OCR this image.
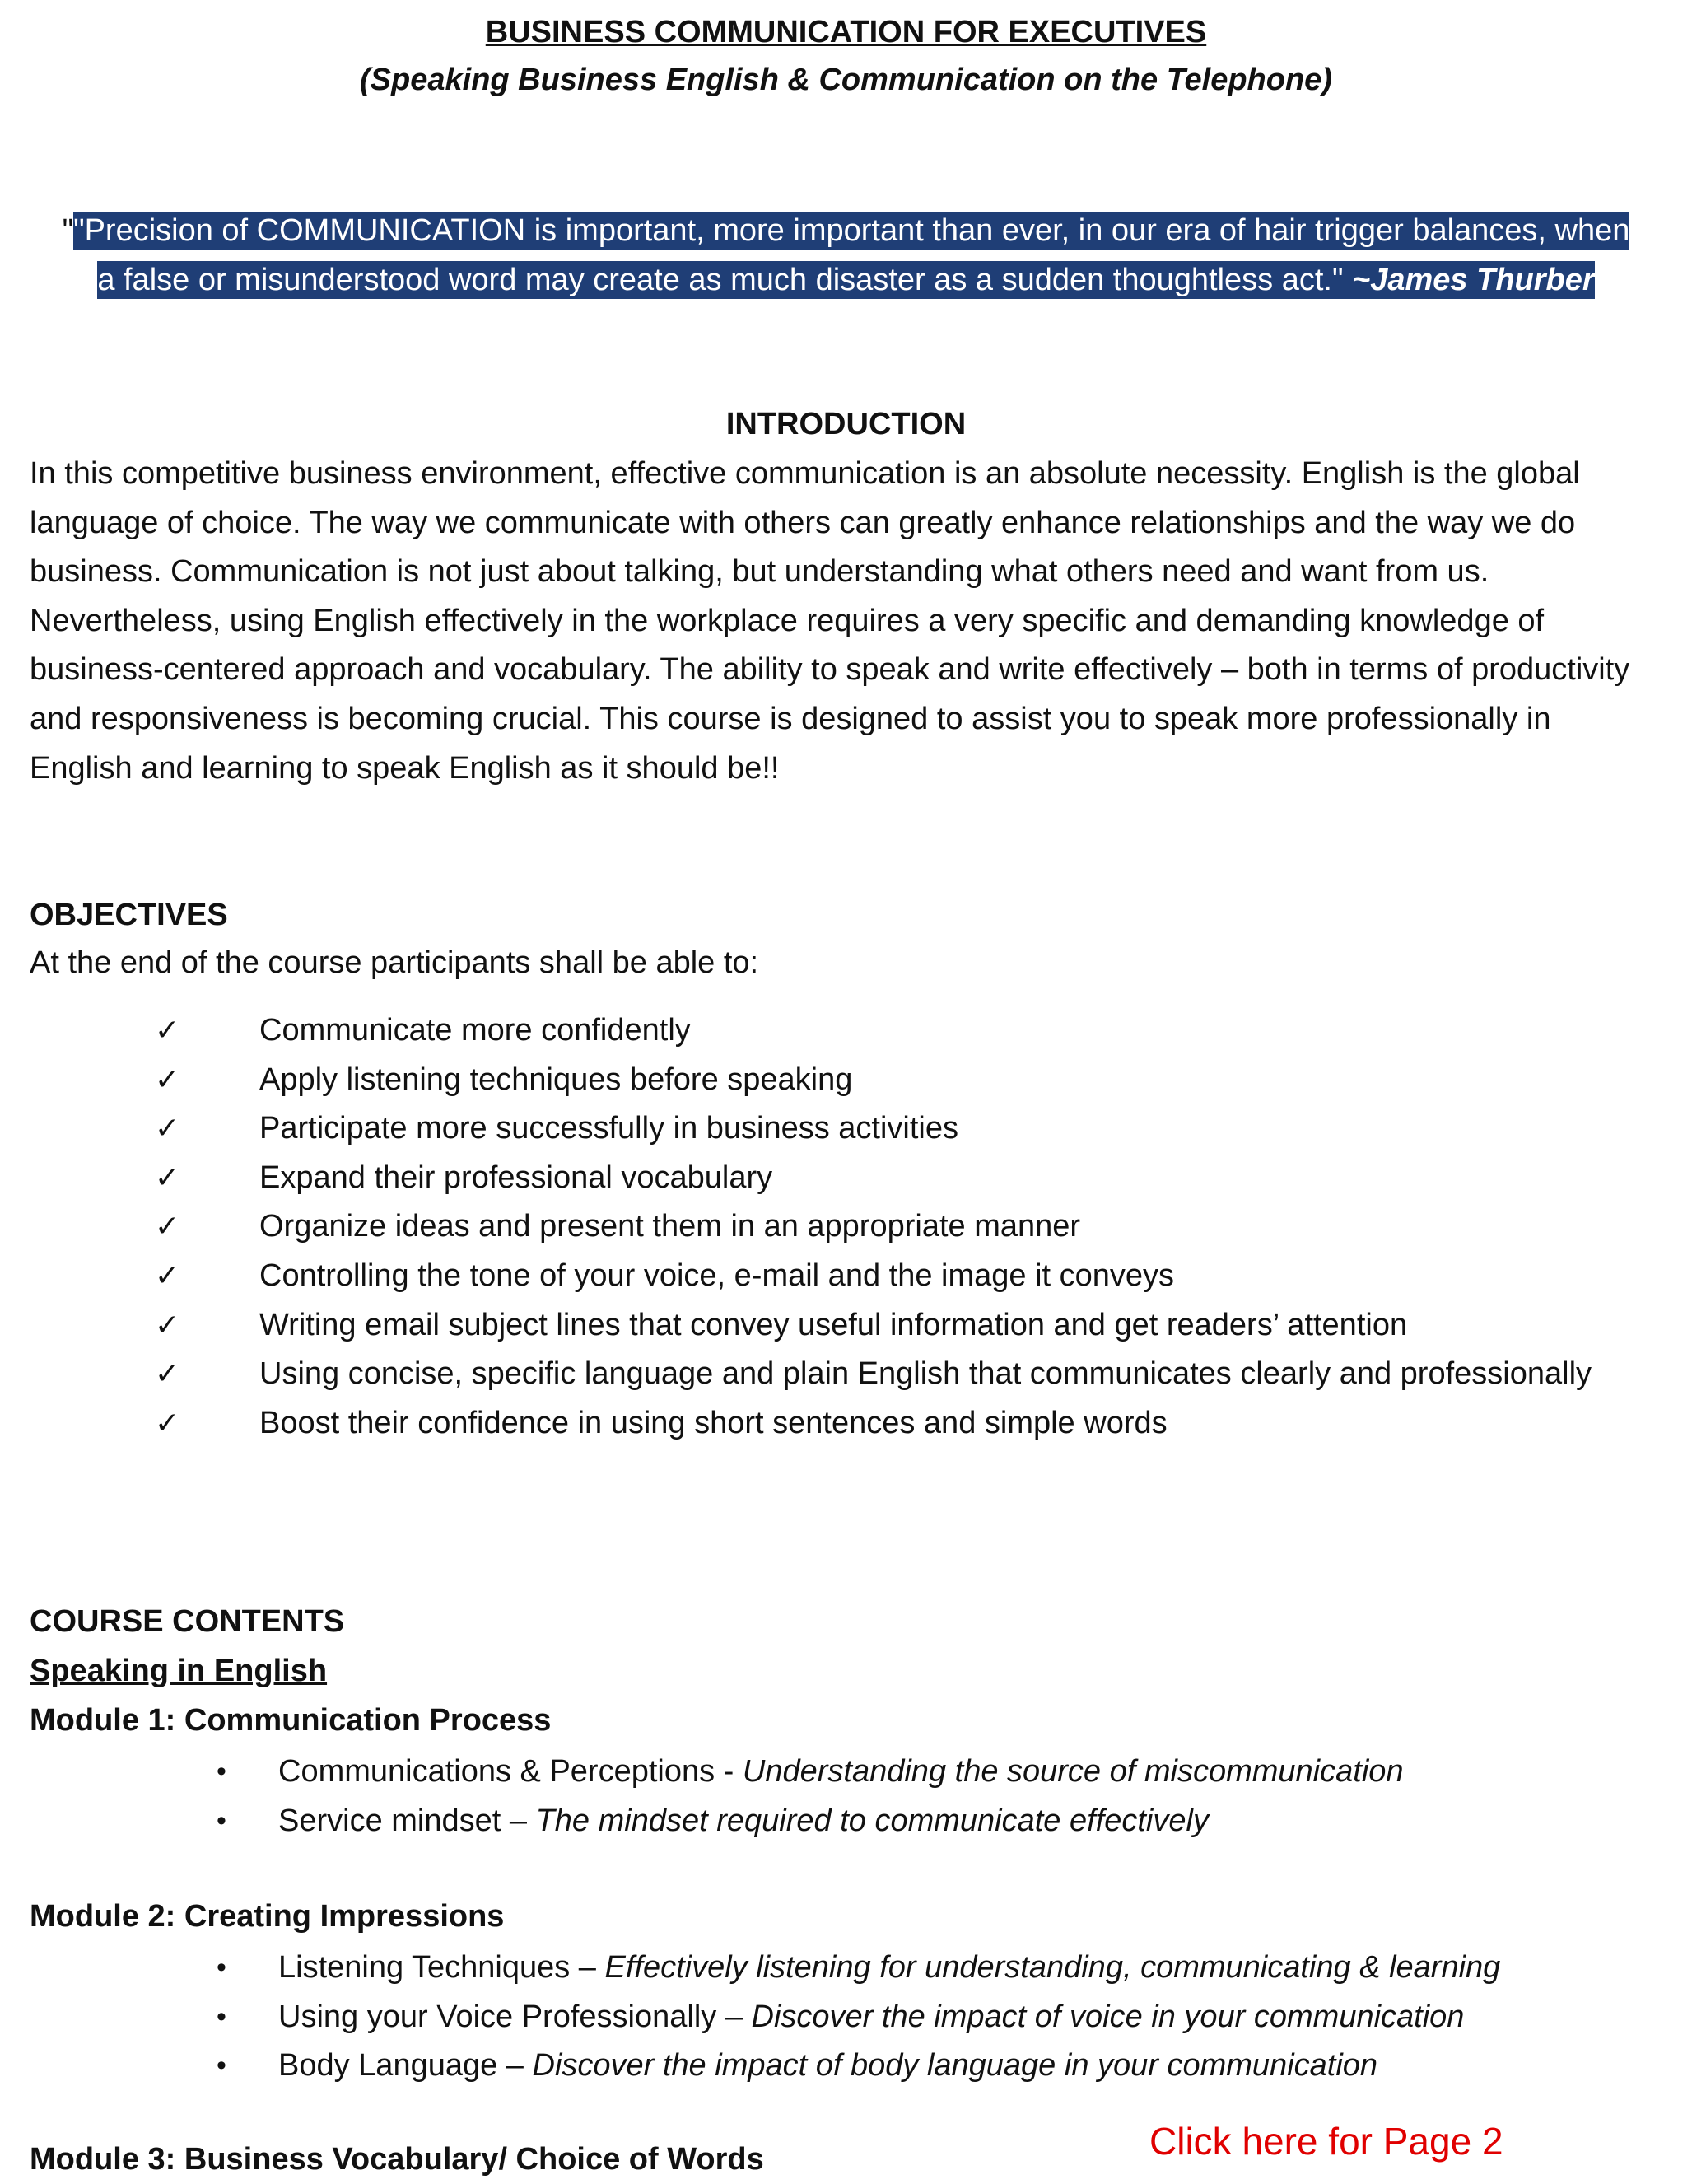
BUSINESS COMMUNICATION FOR EXECUTIVES
(Speaking Business English & Communication on the Telephone)
""Precision of COMMUNICATION is important, more important than ever, in our era of hair trigger balances, when a false or misunderstood word may create as much disaster as a sudden thoughtless act." ~James Thurber
INTRODUCTION
In this competitive business environment, effective communication is an absolute necessity. English is the global language of choice. The way we communicate with others can greatly enhance relationships and the way we do business. Communication is not just about talking, but understanding what others need and want from us. Nevertheless, using English effectively in the workplace requires a very specific and demanding knowledge of business-centered approach and vocabulary. The ability to speak and write effectively – both in terms of productivity and responsiveness is becoming crucial. This course is designed to assist you to speak more professionally in English and learning to speak English as it should be!!
OBJECTIVES
At the end of the course participants shall be able to:
✓	Communicate more confidently
✓	Apply listening techniques before speaking
✓	Participate more successfully in business activities
✓	Expand their professional vocabulary
✓	Organize ideas and present them in an appropriate manner
✓	Controlling the tone of your voice, e-mail and the image it conveys
✓	Writing email subject lines that convey useful information and get readers’ attention
✓	Using concise, specific language and plain English that communicates clearly and professionally
✓	Boost their confidence in using short sentences and simple words
COURSE CONTENTS
Speaking in English
Module 1: Communication Process
• Communications & Perceptions - Understanding the source of miscommunication
• Service mindset – The mindset required to communicate effectively
Module 2: Creating Impressions
• Listening Techniques – Effectively listening for understanding, communicating & learning
• Using your Voice Professionally – Discover the impact of voice in your communication
• Body Language – Discover the impact of body language in your communication
Module 3: Business Vocabulary/ Choice of Words	Click here for Page 2
